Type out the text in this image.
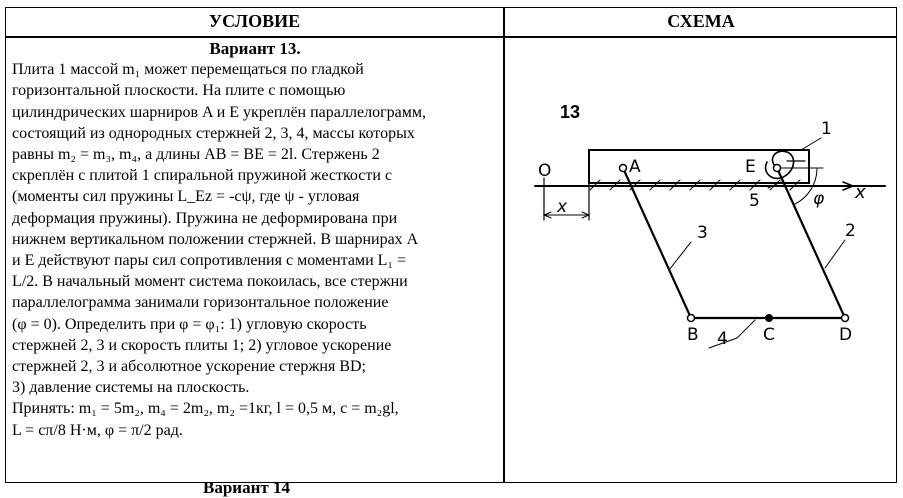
УСЛОВИЕ	СХЕМА
Вариант 13.
Плита 1 массой m₁ может перемещаться по гладкой
горизонтальной плоскости. На плите с помощью
цилиндрических шарниров A и E укреплён параллелограмм,
состоящий из однородных стержней 2, 3, 4, массы которых
равны m₂ = m₃, m₄, а длины AB = BE = 2l. Стержень 2
скреплён с плитой 1 спиральной пружиной жесткости с
(моменты сил пружины L_Ez = -cψ, где ψ - угловая
деформация пружины). Пружина не деформирована при
нижнем вертикальном положении стержней. В шарнирах A
и E действуют пары сил сопротивления с моментами L₁ =
L/2. В начальный момент система покоилась, все стержни
параллелограмма занимали горизонтальное положение
(φ = 0). Определить при φ = φ₁: 1) угловую скорость
стержней 2, 3 и скорость плиты 1; 2) угловое ускорение
стержней 2, 3 и абсолютное ускорение стержня BD;
3) давление системы на плоскость.
Принять: m₁ = 5m₂, m₄ = 2m₂, m₂ =1кг, l = 0,5 м, c = m₂gl,
L = cπ/8 Н·м, φ = π/2 рад.
Вариант 14
13
1
O
x
x
A	E
5	φ
3	2
B 4 C	D
